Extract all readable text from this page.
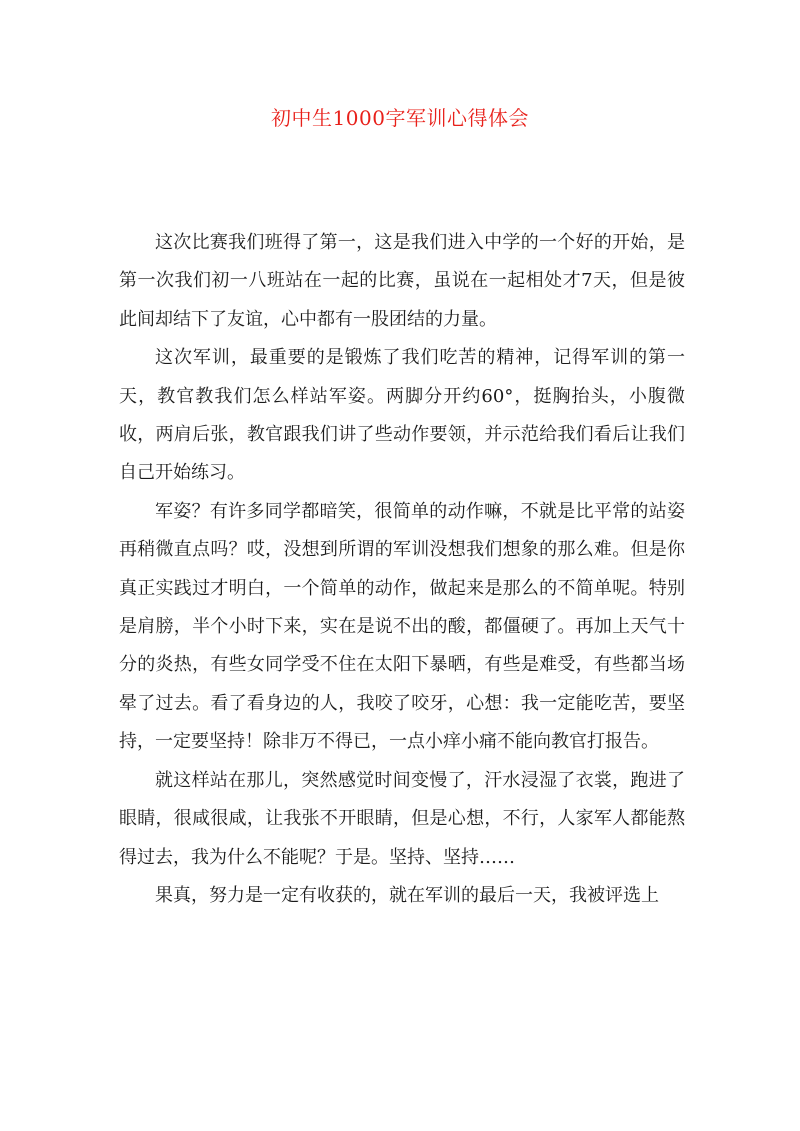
初中生1000字军训心得体会

这次比赛我们班得了第一，这是我们进入中学的一个好的开始，是第一次我们初一八班站在一起的比赛，虽说在一起相处才7天，但是彼此间却结下了友谊，心中都有一股团结的力量。

这次军训，最重要的是锻炼了我们吃苦的精神，记得军训的第一天，教官教我们怎么样站军姿。两脚分开约60°，挺胸抬头，小腹微收，两肩后张，教官跟我们讲了些动作要领，并示范给我们看后让我们自己开始练习。

军姿？有许多同学都暗笑，很简单的动作嘛，不就是比平常的站姿再稍微直点吗？哎，没想到所谓的军训没想我们想象的那么难。但是你真正实践过才明白，一个简单的动作，做起来是那么的不简单呢。特别是肩膀，半个小时下来，实在是说不出的酸，都僵硬了。再加上天气十分的炎热，有些女同学受不住在太阳下暴晒，有些是难受，有些都当场晕了过去。看了看身边的人，我咬了咬牙，心想：我一定能吃苦，要坚持，一定要坚持！除非万不得已，一点小痒小痛不能向教官打报告。

就这样站在那儿，突然感觉时间变慢了，汗水浸湿了衣裳，跑进了眼睛，很咸很咸，让我张不开眼睛，但是心想，不行，人家军人都能熬得过去，我为什么不能呢？于是。坚持、坚持……

果真，努力是一定有收获的，就在军训的最后一天，我被评选上
